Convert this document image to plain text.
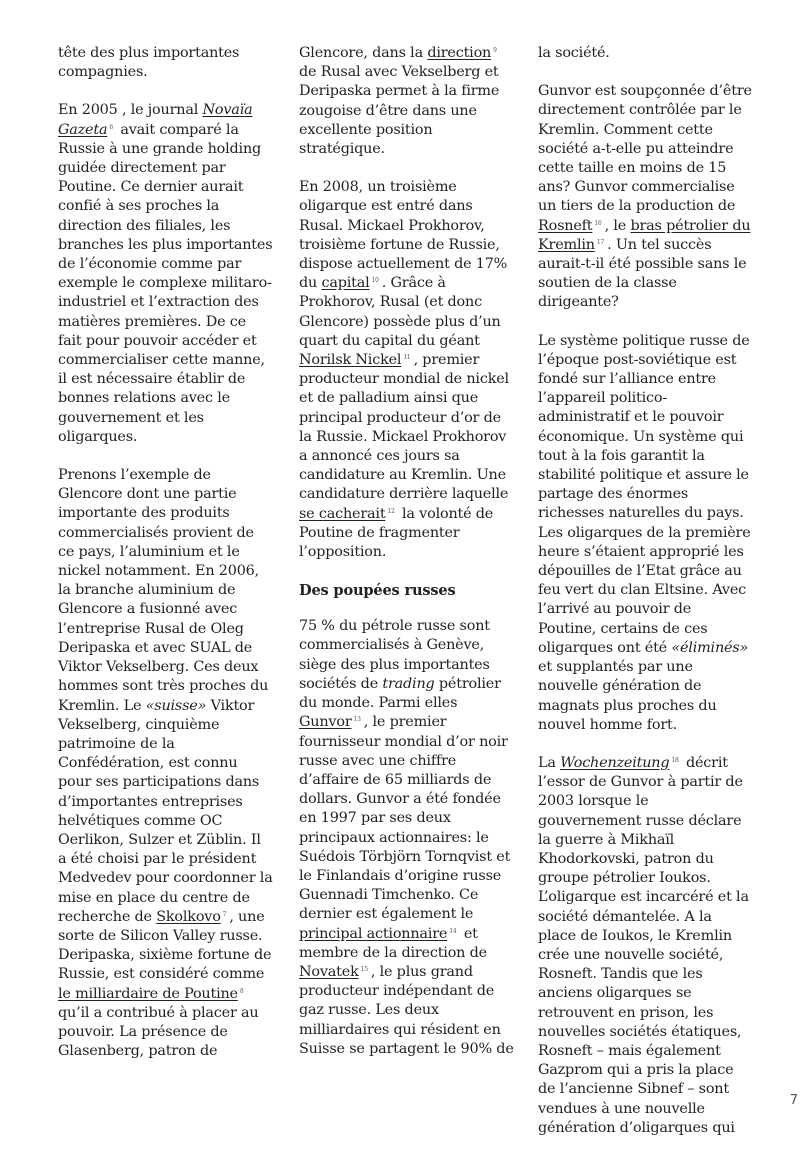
tête des plus importantes compagnies.

En 2005 , le journal Novaïa Gazeta $^6$ avait comparé la Russie à une grande holding guidée directement par Poutine. Ce dernier aurait confié à ses proches la direction des filiales, les branches les plus importantes de l’économie comme par exemple le complexe militaro-industriel et l’extraction des matières premières. De ce fait pour pouvoir accéder et commercialiser cette manne, il est nécessaire établir de bonnes relations avec le gouvernement et les oligarques.

Prenons l’exemple de Glencore dont une partie importante des produits commercialisés provient de ce pays, l’aluminium et le nickel notamment. En 2006, la branche aluminium de Glencore a fusionné avec l’entreprise Rusal de Oleg Deripaska et avec SUAL de Viktor Vekselberg. Ces deux hommes sont très proches du Kremlin. Le «suisse» Viktor Vekselberg, cinquième patrimoine de la Confédération, est connu pour ses participations dans d’importantes entreprises helvétiques comme OC Oerlikon, Sulzer et Züblin. Il a été choisi par le président Medvedev pour coordonner la mise en place du centre de recherche de Skolkovo $^7$ , une sorte de Silicon Valley russe. Deripaska, sixième fortune de Russie, est considéré comme le milliardaire de Poutine $^8$ qu’il a contribué à placer au pouvoir. La présence de Glasenberg, patron de

Glencore, dans la direction $^9$ de Rusal avec Vekselberg et Deripaska permet à la firme zougoise d’être dans une excellente position stratégique.

En 2008, un troisième oligarque est entré dans Rusal. Mickael Prokhorov, troisième fortune de Russie, dispose actuellement de 17% du capital $^{10}$ . Grâce à Prokhorov, Rusal (et donc Glencore) possède plus d’un quart du capital du géant Norilsk Nickel $^{11}$ , premier producteur mondial de nickel et de palladium ainsi que principal producteur d’or de la Russie. Mickael Prokhorov a annoncé ces jours sa candidature au Kremlin. Une candidature derrière laquelle se cacherait $^{12}$ la volonté de Poutine de fragmenter l’opposition.

Des poupées russes

75 % du pétrole russe sont commercialisés à Genève, siège des plus importantes sociétés de trading pétrolier du monde. Parmi elles Gunvor $^{13}$ , le premier fournisseur mondial d’or noir russe avec une chiffre d’affaire de 65 milliards de dollars. Gunvor a été fondée en 1997 par ses deux principaux actionnaires: le Suédois Törbjörn Tornqvist et le Finlandais d’origine russe Guennadi Timchenko. Ce dernier est également le principal actionnaire $^{14}$ et membre de la direction de Novatek $^{15}$ , le plus grand producteur indépendant de gaz russe. Les deux milliardaires qui résident en Suisse se partagent le 90% de

la société.

Gunvor est soupçonnée d’être directement contrôlée par le Kremlin. Comment cette société a-t-elle pu atteindre cette taille en moins de 15 ans? Gunvor commercialise un tiers de la production de Rosneft $^{16}$ , le bras pétrolier du Kremlin $^{17}$ . Un tel succès aurait-t-il été possible sans le soutien de la classe dirigeante?

Le système politique russe de l’époque post-soviétique est fondé sur l’alliance entre l’appareil politico-administratif et le pouvoir économique. Un système qui tout à la fois garantit la stabilité politique et assure le partage des énormes richesses naturelles du pays. Les oligarques de la première heure s’étaient approprié les dépouilles de l’Etat grâce au feu vert du clan Eltsine. Avec l’arrivé au pouvoir de Poutine, certains de ces oligarques ont été «éliminés» et supplantés par une nouvelle génération de magnats plus proches du nouvel homme fort.

La Wochenzeitung $^{18}$ décrit l’essor de Gunvor à partir de 2003 lorsque le gouvernement russe déclare la guerre à Mikhaïl Khodorkovski, patron du groupe pétrolier Ioukos. L’oligarque est incarcéré et la société démantelée. A la place de Ioukos, le Kremlin crée une nouvelle société, Rosneft. Tandis que les anciens oligarques se retrouvent en prison, les nouvelles sociétés étatiques, Rosneft – mais également Gazprom qui a pris la place de l’ancienne Sibnef – sont vendues à une nouvelle génération d’oligarques qui

7
